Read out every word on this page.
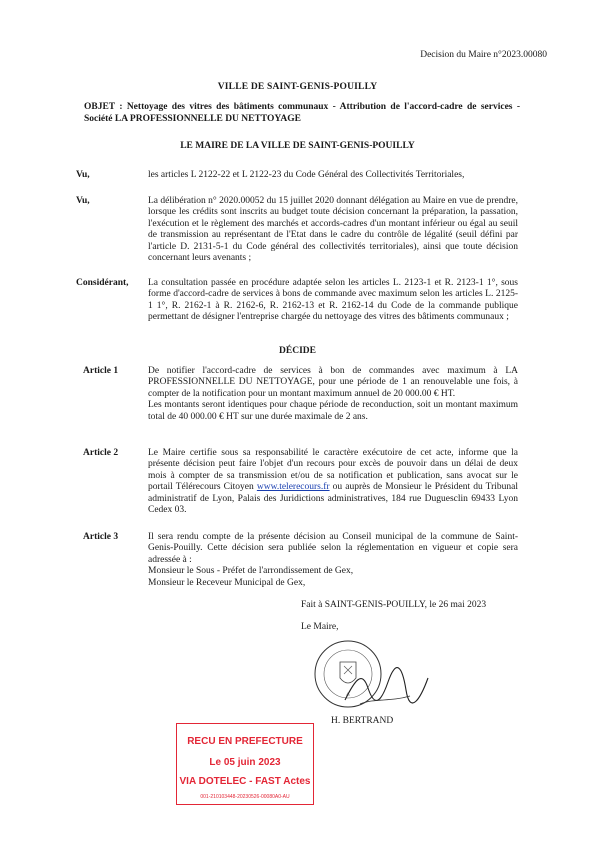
Decision du Maire n°2023.00080
VILLE DE SAINT-GENIS-POUILLY
OBJET : Nettoyage des vitres des bâtiments communaux - Attribution de l'accord-cadre de services - Société LA PROFESSIONNELLE DU NETTOYAGE
LE MAIRE DE LA VILLE DE SAINT-GENIS-POUILLY
Vu,	les articles L 2122-22 et L 2122-23 du Code Général des Collectivités Territoriales,
Vu,	La délibération n° 2020.00052 du 15 juillet 2020 donnant délégation au Maire en vue de prendre, lorsque les crédits sont inscrits au budget toute décision concernant la préparation, la passation, l'exécution et le règlement des marchés et accords-cadres d'un montant inférieur ou égal au seuil de transmission au représentant de l'Etat dans le cadre du contrôle de légalité (seuil défini par l'article D. 2131-5-1 du Code général des collectivités territoriales), ainsi que toute décision concernant leurs avenants ;
Considérant, La consultation passée en procédure adaptée selon les articles L. 2123-1 et R. 2123-1 1°, sous forme d'accord-cadre de services à bons de commande avec maximum selon les articles L. 2125-1 1°, R. 2162-1 à R. 2162-6, R. 2162-13 et R. 2162-14 du Code de la commande publique permettant de désigner l'entreprise chargée du nettoyage des vitres des bâtiments communaux ;
DÉCIDE
Article 1	De notifier l'accord-cadre de services à bon de commandes avec maximum à LA PROFESSIONNELLE DU NETTOYAGE, pour une période de 1 an renouvelable une fois, à compter de la notification pour un montant maximum annuel de 20 000.00 € HT.

Les montants seront identiques pour chaque période de reconduction, soit un montant maximum total de 40 000.00 € HT sur une durée maximale de 2 ans.

Article 2	Le Maire certifie sous sa responsabilité le caractère exécutoire de cet acte, informe que la présente décision peut faire l'objet d'un recours pour excès de pouvoir dans un délai de deux mois à compter de sa transmission et/ou de sa notification et publication, sans avocat sur le portail Télérecours Citoyen www.telerecours.fr ou auprès de Monsieur le Président du Tribunal administratif de Lyon, Palais des Juridictions administratives, 184 rue Duguesclin 69433 Lyon Cedex 03.
Article 3	Il sera rendu compte de la présente décision au Conseil municipal de la commune de Saint-Genis-Pouilly. Cette décision sera publiée selon la réglementation en vigueur et copie sera adressée à :

Monsieur le Sous - Préfet de l'arrondissement de Gex,

Monsieur le Receveur Municipal de Gex,

Fait à SAINT-GENIS-POUILLY, le 26 mai 2023
Le Maire,
⁂
H. BERTRAND
RECU EN PREFECTURE
Le 05 juin 2023
VIA DOTELEC - FAST Actes
001-210103448-20230526-00080A0-AU
